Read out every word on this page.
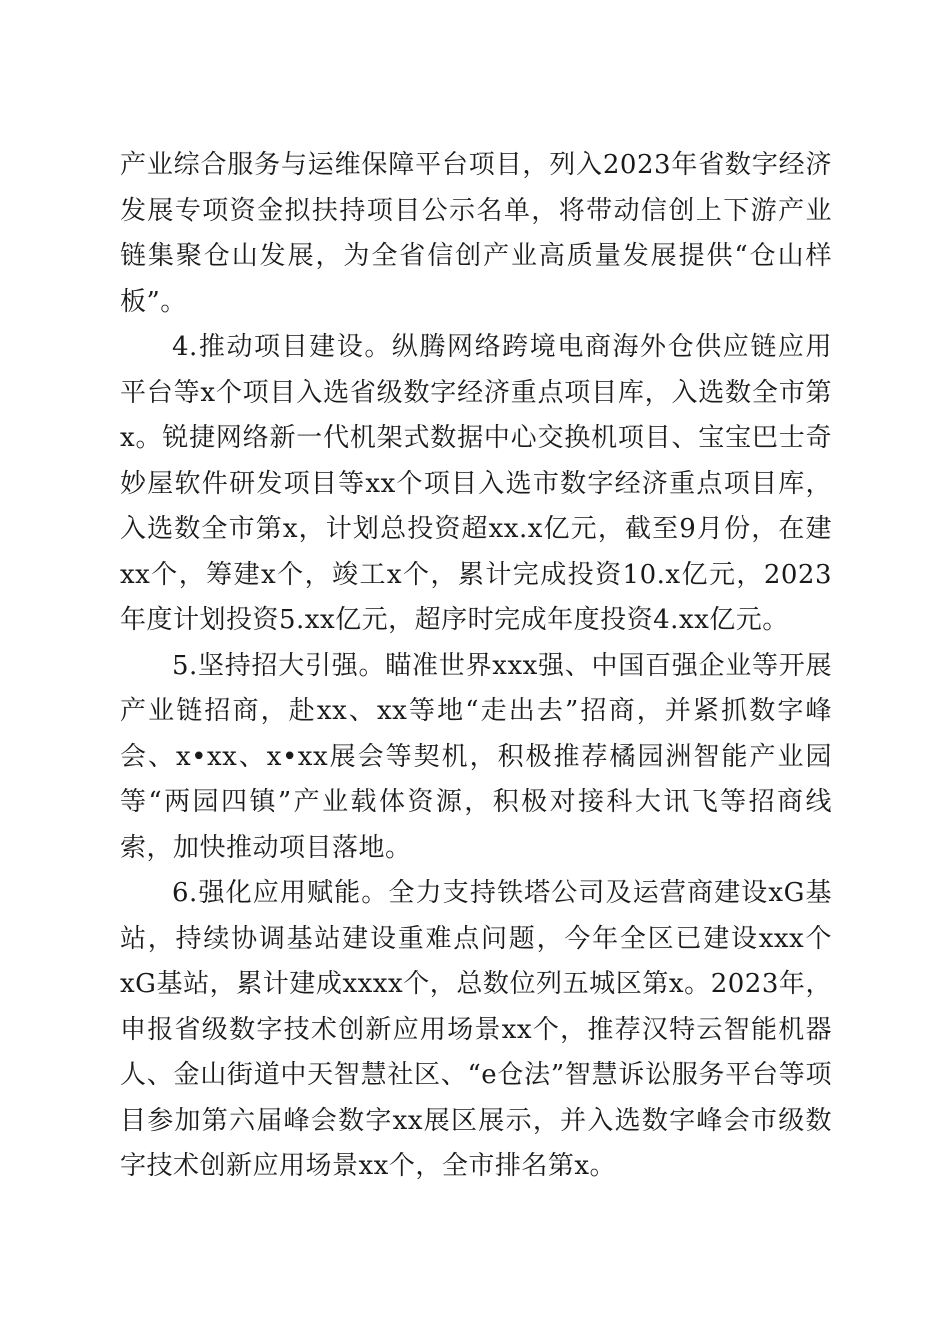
产业综合服务与运维保障平台项目，列入2023年省数字经济发展专项资金拟扶持项目公示名单，将带动信创上下游产业链集聚仓山发展，为全省信创产业高质量发展提供“仓山样板”。

4.推动项目建设。纵腾网络跨境电商海外仓供应链应用平台等x个项目入选省级数字经济重点项目库，入选数全市第x。锐捷网络新一代机架式数据中心交换机项目、宝宝巴士奇妙屋软件研发项目等xx个项目入选市数字经济重点项目库，入选数全市第x，计划总投资超xx.x亿元，截至9月份，在建xx个，筹建x个，竣工x个，累计完成投资10.x亿元，2023年度计划投资5.xx亿元，超序时完成年度投资4.xx亿元。

5.坚持招大引强。瞄准世界xxx强、中国百强企业等开展产业链招商，赴xx、xx等地“走出去”招商，并紧抓数字峰会、x•xx、x•xx展会等契机，积极推荐橘园洲智能产业园等“两园四镇”产业载体资源，积极对接科大讯飞等招商线索，加快推动项目落地。

6.强化应用赋能。全力支持铁塔公司及运营商建设xG基站，持续协调基站建设重难点问题，今年全区已建设xxx个xG基站，累计建成xxxx个，总数位列五城区第x。2023年，申报省级数字技术创新应用场景xx个，推荐汉特云智能机器人、金山街道中天智慧社区、“e仓法”智慧诉讼服务平台等项目参加第六届峰会数字xx展区展示，并入选数字峰会市级数字技术创新应用场景xx个，全市排名第x。
